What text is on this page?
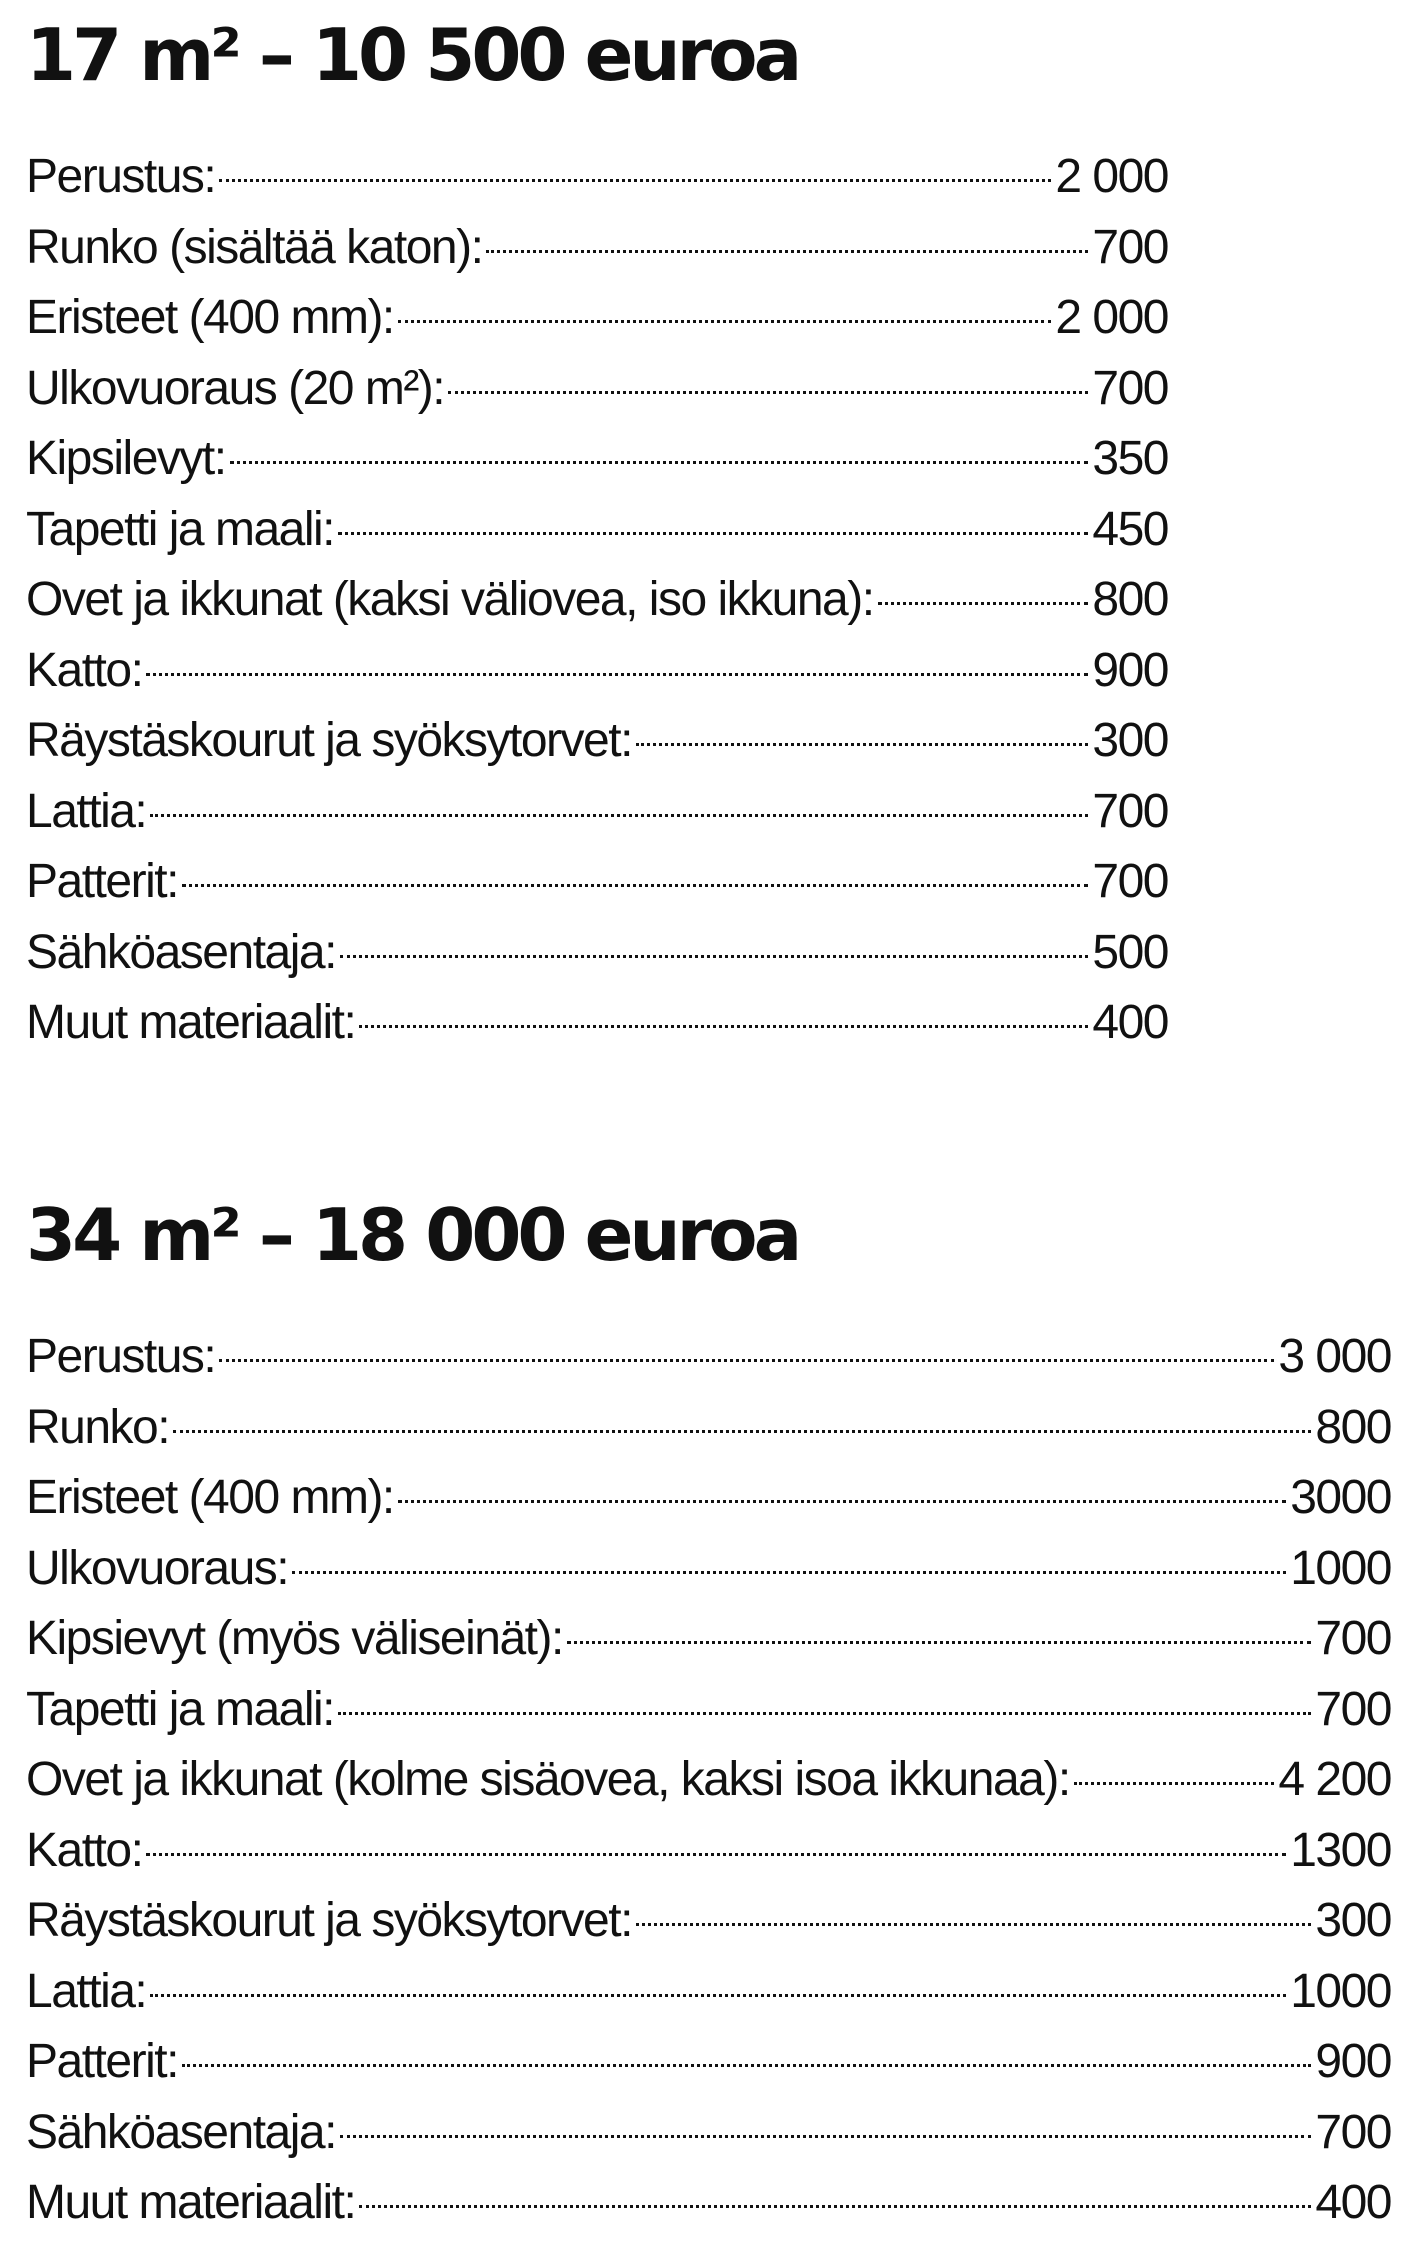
17 m² – 10 500 euroa
Perustus:	2 000
Runko (sisältää katon):	700
Eristeet (400 mm):	2 000
Ulkovuoraus (20 m²):	700
Kipsilevyt:	350
Tapetti ja maali:	450
Ovet ja ikkunat (kaksi väliovea, iso ikkuna):	800
Katto:	900
Räystäskourut ja syöksytorvet:	300
Lattia:	700
Patterit:	700
Sähköasentaja:	500
Muut materiaalit:	400
34 m² – 18 000 euroa
Perustus:	3 000
Runko:	800
Eristeet (400 mm):	3000
Ulkovuoraus:	1000
Kipsievyt (myös väliseinät):	700
Tapetti ja maali:	700
Ovet ja ikkunat (kolme sisäovea, kaksi isoa ikkunaa):	4 200
Katto:	1300
Räystäskourut ja syöksytorvet:	300
Lattia:	1000
Patterit:	900
Sähköasentaja:	700
Muut materiaalit:	400
